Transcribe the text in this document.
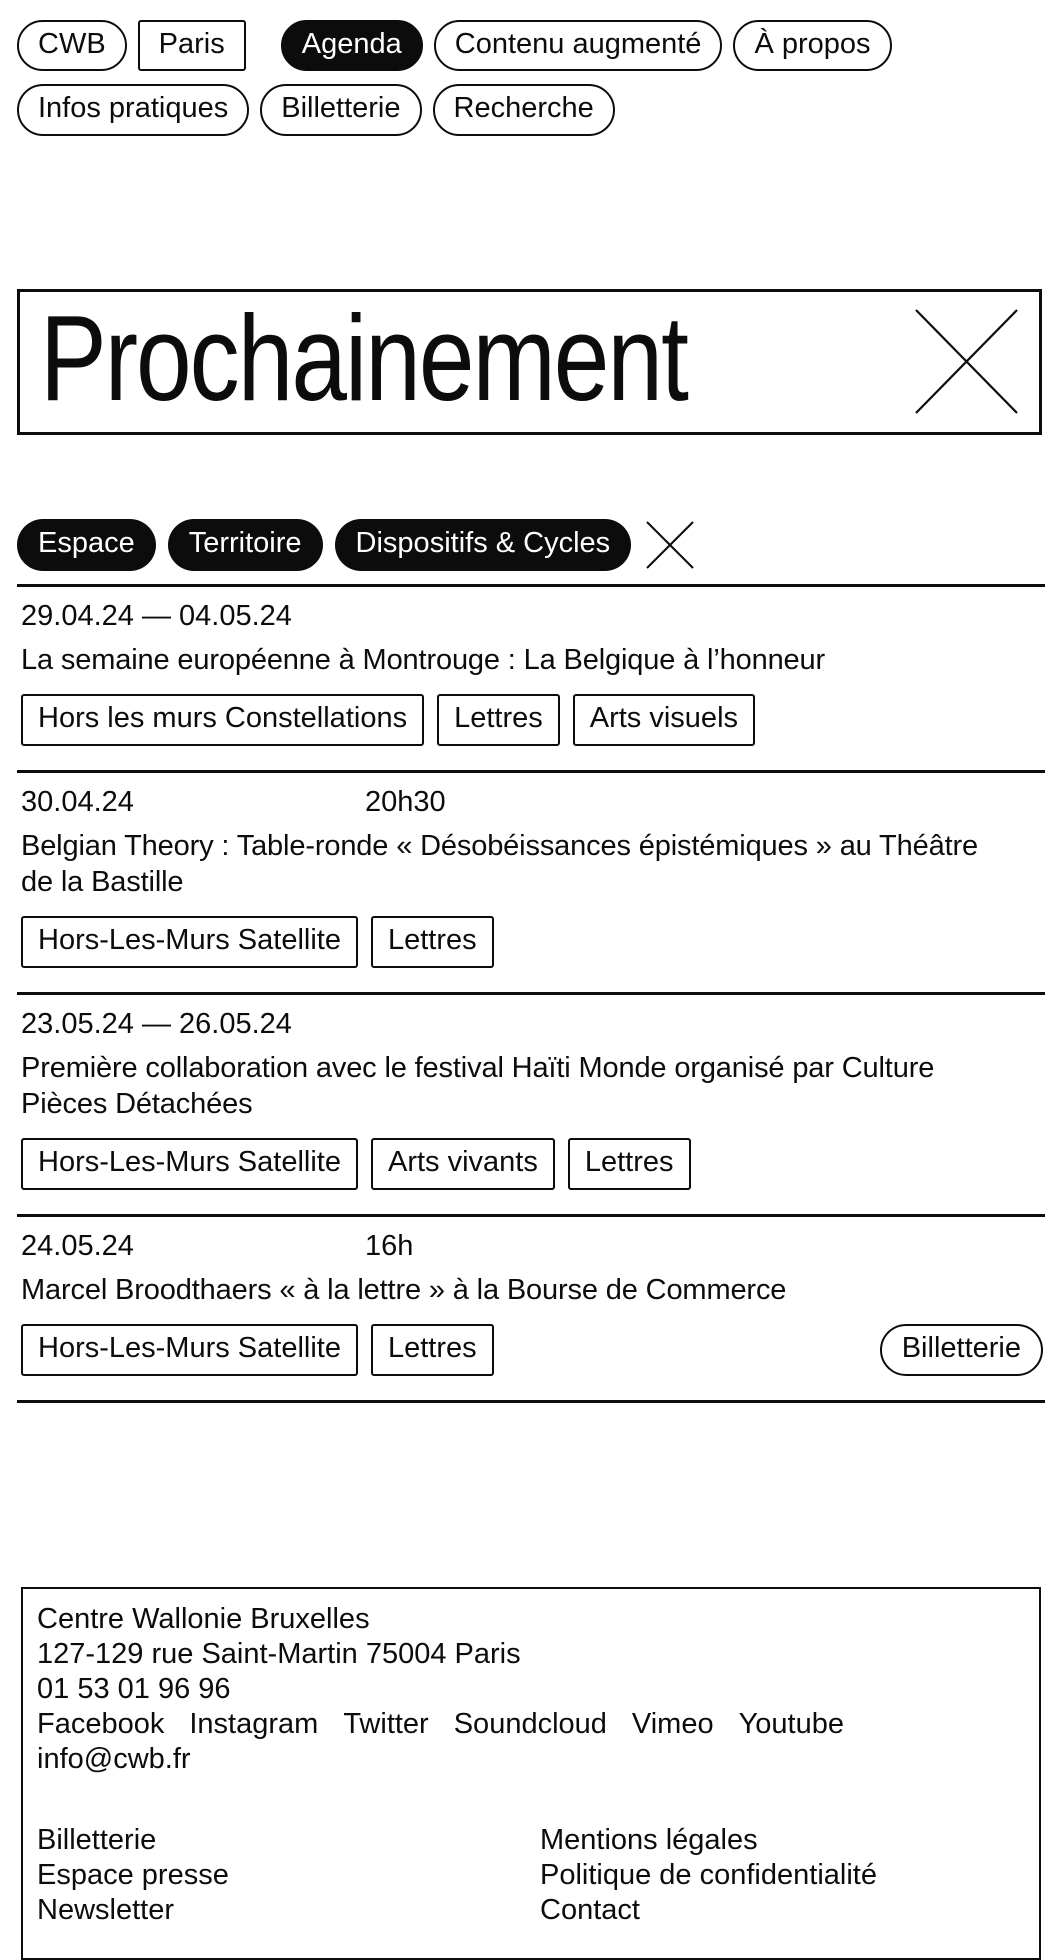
CWB	Paris	Agenda	Contenu augmenté	À propos
Infos pratiques	Billetterie	Recherche
Prochainement
Espace	Territoire	Dispositifs & Cycles
29.04.24 — 04.05.24
La semaine européenne à Montrouge : La Belgique à l’honneur
Hors les murs Constellations	Lettres	Arts visuels
30.04.24	20h30
Belgian Theory : Table-ronde « Désobéissances épistémiques » au Théâtre de la Bastille
Hors-Les-Murs Satellite	Lettres
23.05.24 — 26.05.24
Première collaboration avec le festival Haïti Monde organisé par Culture Pièces Détachées
Hors-Les-Murs Satellite	Arts vivants	Lettres
24.05.24	16h
Marcel Broodthaers « à la lettre » à la Bourse de Commerce
Hors-Les-Murs Satellite	Lettres	Billetterie
Centre Wallonie Bruxelles
127-129 rue Saint-Martin 75004 Paris
01 53 01 96 96
Facebook Instagram Twitter Soundcloud Vimeo Youtube
info@cwb.fr
Billetterie
Espace presse
Newsletter
Mentions légales
Politique de confidentialité
Contact
